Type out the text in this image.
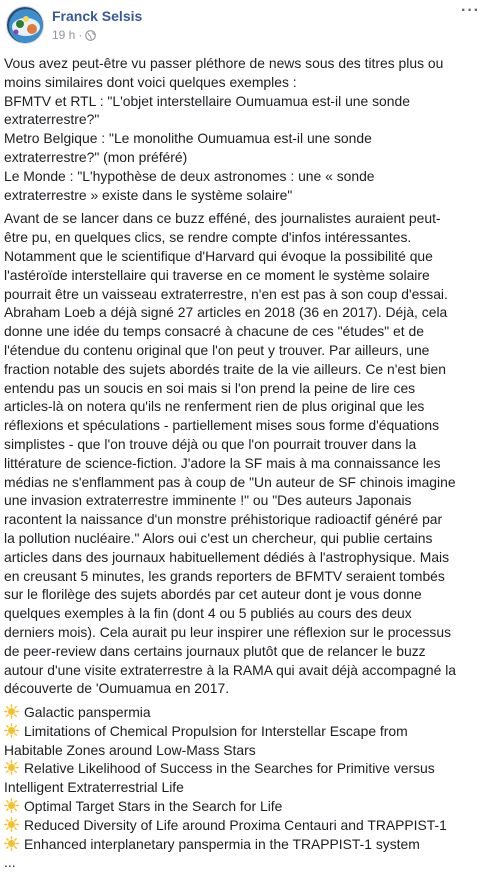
Franck Selsis
19 h ·
···
Vous avez peut-être vu passer pléthore de news sous des titres plus ou
moins similaires dont voici quelques exemples :
BFMTV et RTL : "L'objet interstellaire Oumuamua est-il une sonde
extraterrestre?"
Metro Belgique : "Le monolithe Oumuamua est-il une sonde
extraterrestre?" (mon préféré)
Le Monde : "L'hypothèse de deux astronomes : une « sonde
extraterrestre » existe dans le système solaire"
Avant de se lancer dans ce buzz efféné, des journalistes auraient peut-
être pu, en quelques clics, se rendre compte d'infos intéressantes.
Notamment que le scientifique d'Harvard qui évoque la possibilité que
l'astéroïde interstellaire qui traverse en ce moment le système solaire
pourrait être un vaisseau extraterrestre, n'en est pas à son coup d'essai.
Abraham Loeb a déjà signé 27 articles en 2018 (36 en 2017). Déjà, cela
donne une idée du temps consacré à chacune de ces "études" et de
l'étendue du contenu original que l'on peut y trouver. Par ailleurs, une
fraction notable des sujets abordés traite de la vie ailleurs. Ce n'est bien
entendu pas un soucis en soi mais si l'on prend la peine de lire ces
articles-là on notera qu'ils ne renferment rien de plus original que les
réflexions et spéculations - partiellement mises sous forme d'équations
simplistes - que l'on trouve déjà ou que l'on pourrait trouver dans la
littérature de science-fiction. J'adore la SF mais à ma connaissance les
médias ne s'enflamment pas à coup de "Un auteur de SF chinois imagine
une invasion extraterrestre imminente !" ou "Des auteurs Japonais
racontent la naissance d'un monstre préhistorique radioactif généré par
la pollution nucléaire." Alors oui c'est un chercheur, qui publie certains
articles dans des journaux habituellement dédiés à l'astrophysique. Mais
en creusant 5 minutes, les grands reporters de BFMTV seraient tombés
sur le florilège des sujets abordés par cet auteur dont je vous donne
quelques exemples à la fin (dont 4 ou 5 publiés au cours des deux
derniers mois). Cela aurait pu leur inspirer une réflexion sur le processus
de peer-review dans certains journaux plutôt que de relancer le buzz
autour d'une visite extraterrestre à la RAMA qui avait déjà accompagné la
découverte de 'Oumuamua en 2017.
Galactic panspermia
Limitations of Chemical Propulsion for Interstellar Escape from
Habitable Zones around Low-Mass Stars
Relative Likelihood of Success in the Searches for Primitive versus
Intelligent Extraterrestrial Life
Optimal Target Stars in the Search for Life
Reduced Diversity of Life around Proxima Centauri and TRAPPIST-1
Enhanced interplanetary panspermia in the TRAPPIST-1 system
...
